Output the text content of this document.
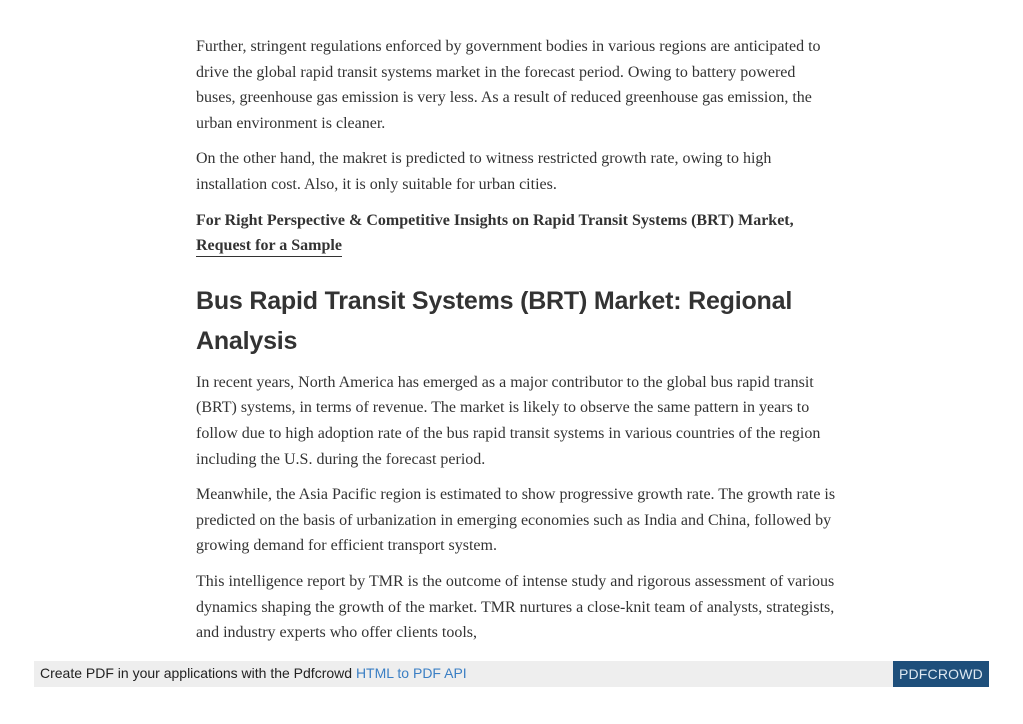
Further, stringent regulations enforced by government bodies in various regions are anticipated to drive the global rapid transit systems market in the forecast period. Owing to battery powered buses, greenhouse gas emission is very less. As a result of reduced greenhouse gas emission, the urban environment is cleaner.

On the other hand, the makret is predicted to witness restricted growth rate, owing to high installation cost. Also, it is only suitable for urban cities.

For Right Perspective & Competitive Insights on Rapid Transit Systems (BRT) Market, Request for a Sample

Bus Rapid Transit Systems (BRT) Market: Regional Analysis

In recent years, North America has emerged as a major contributor to the global bus rapid transit (BRT) systems, in terms of revenue. The market is likely to observe the same pattern in years to follow due to high adoption rate of the bus rapid transit systems in various countries of the region including the U.S. during the forecast period.

Meanwhile, the Asia Pacific region is estimated to show progressive growth rate. The growth rate is predicted on the basis of urbanization in emerging economies such as India and China, followed by growing demand for efficient transport system.

This intelligence report by TMR is the outcome of intense study and rigorous assessment of various dynamics shaping the growth of the market. TMR nurtures a close-knit team of analysts, strategists, and industry experts who offer clients tools,

Create PDF in your applications with the Pdfcrowd HTML to PDF API	PDFCROWD
